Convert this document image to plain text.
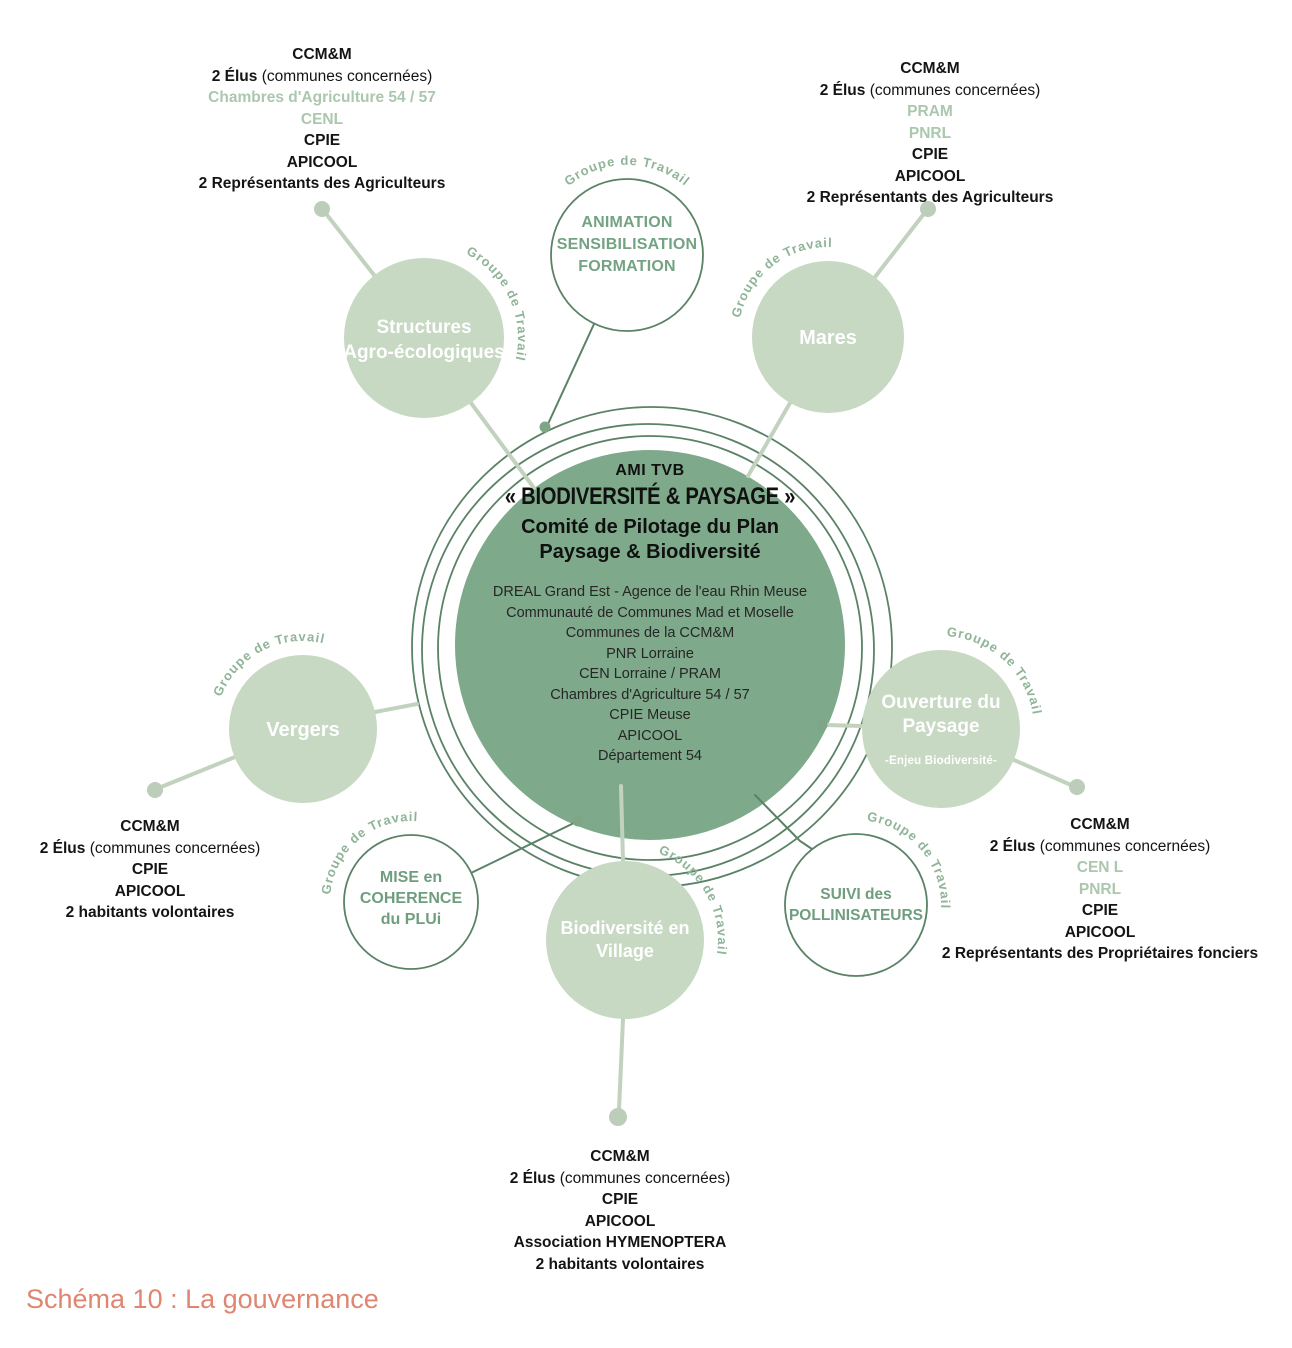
Groupe de Travail
Groupe de Travail
Groupe de Travail
Groupe de Travail	Groupe de Travail
Groupe de Travail
Groupe de Travail
Groupe de Travail
AMI TVB
« BIODIVERSITÉ & PAYSAGE »
Comité de Pilotage du Plan
Paysage & Biodiversité
DREAL Grand Est - Agence de l'eau Rhin Meuse
Communauté de Communes Mad et Moselle
Communes de la CCM&M
PNR Lorraine
CEN Lorraine / PRAM
Chambres d'Agriculture 54 / 57
CPIE Meuse
APICOOL
Département 54
ANIMATION
SENSIBILISATION
FORMATION
Structures
Agro-écologiques
Mares
Vergers
Ouverture du
Paysage
-Enjeu Biodiversité-
MISE en
COHERENCE
du PLUi	Biodiversité en
Village
SUIVI des
POLLINISATEURS
CCM&M
2 Élus (communes concernées)
Chambres d'Agriculture 54 / 57
CENL
CPIE
APICOOL
2 Représentants des Agriculteurs
CCM&M
2 Élus (communes concernées)
PRAM
PNRL
CPIE
APICOOL
2 Représentants des Agriculteurs
CCM&M
2 Élus (communes concernées)
CPIE
APICOOL
2 habitants volontaires
CCM&M
2 Élus (communes concernées)
CEN L
PNRL
CPIE
APICOOL
2 Représentants des Propriétaires fonciers
CCM&M
2 Élus (communes concernées)
CPIE
APICOOL
Association HYMENOPTERA
2 habitants volontaires
Schéma 10 : La gouvernance
